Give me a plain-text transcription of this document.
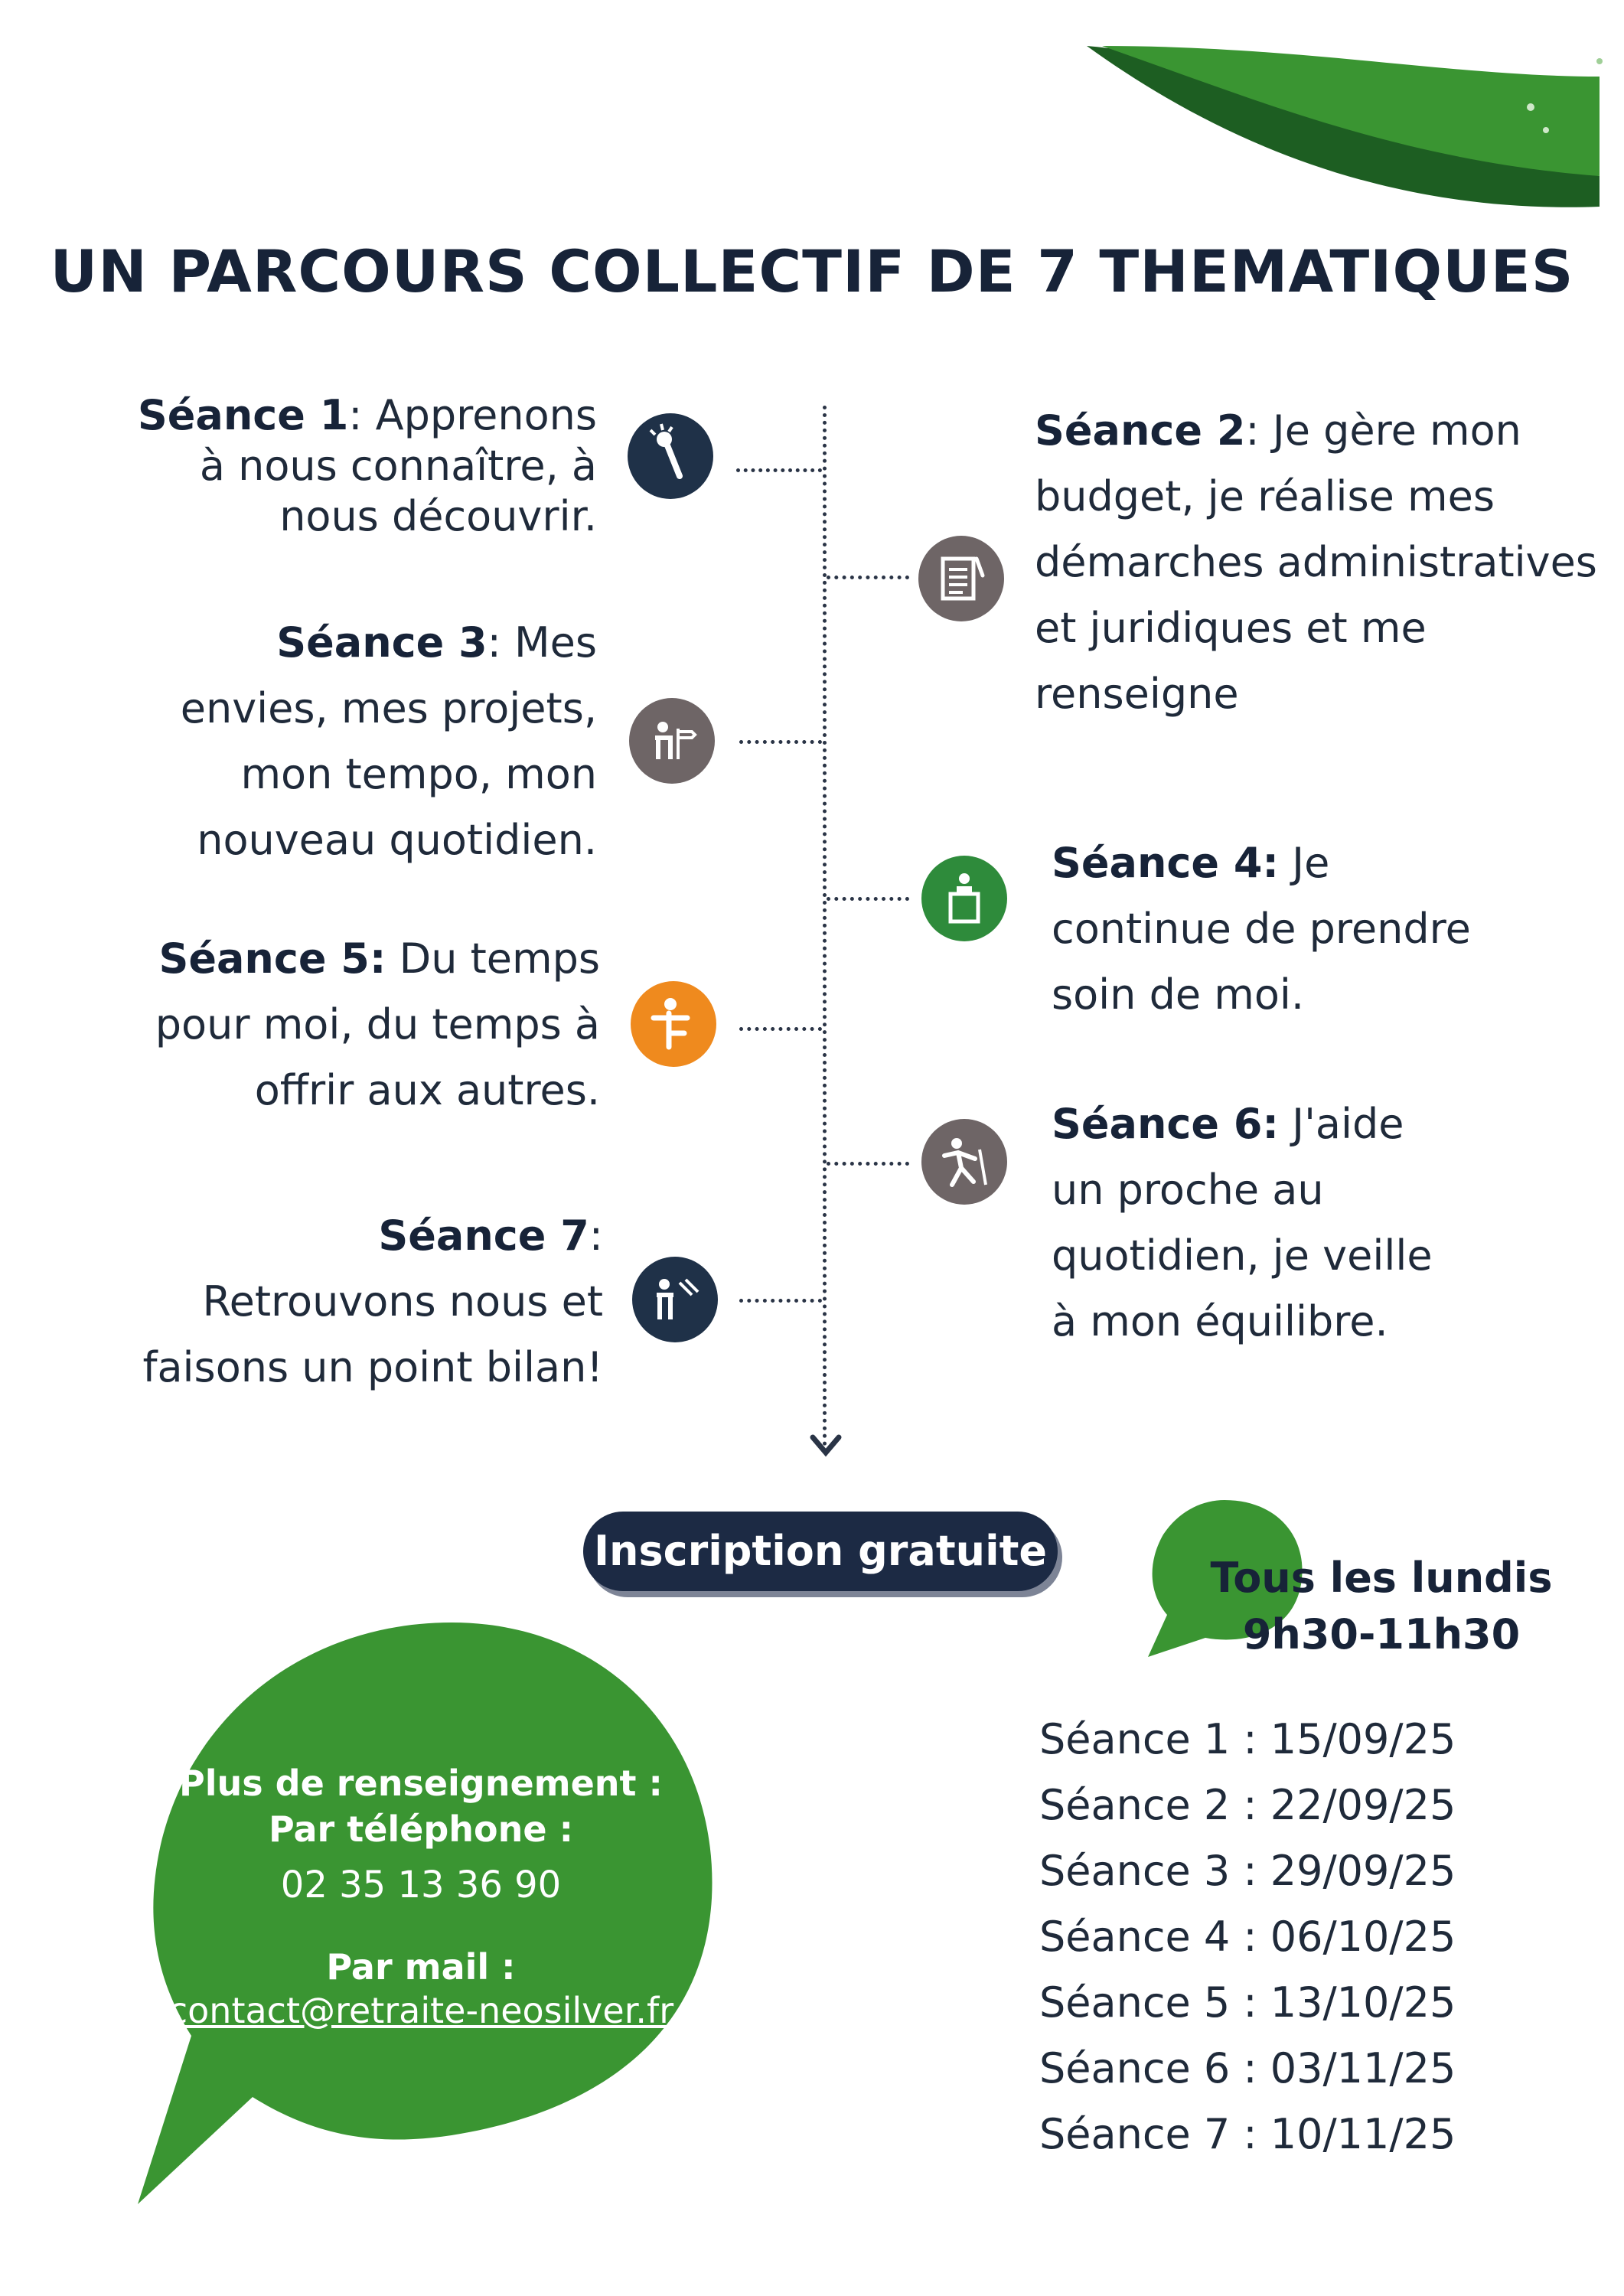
UN PARCOURS COLLECTIF DE 7 THEMATIQUES
Séance 1: Apprenons
à nous connaître, à
nous découvrir.
Séance 2: Je gère mon
budget, je réalise mes
démarches administratives
et juridiques et me
renseigne
Séance 3: Mes
envies, mes projets,
mon tempo, mon
nouveau quotidien.	Séance 4: Je
continue de prendre
soin de moi.
Séance 5: Du temps
pour moi, du temps à
offrir aux autres.
Séance 6: J'aide
un proche au
quotidien, je veille
à mon équilibre.
Séance 7:
Retrouvons nous et
faisons un point bilan!
Inscription gratuite !
Tous les lundis
9h30-11h30
Séance 1 : 15/09/25
Séance 2 : 22/09/25
Séance 3 : 29/09/25
Séance 4 : 06/10/25
Séance 5 : 13/10/25
Séance 6 : 03/11/25
Séance 7 : 10/11/25
Plus de renseignement :
Par téléphone :
02 35 13 36 90
Par mail :
contact@retraite-neosilver.fr
